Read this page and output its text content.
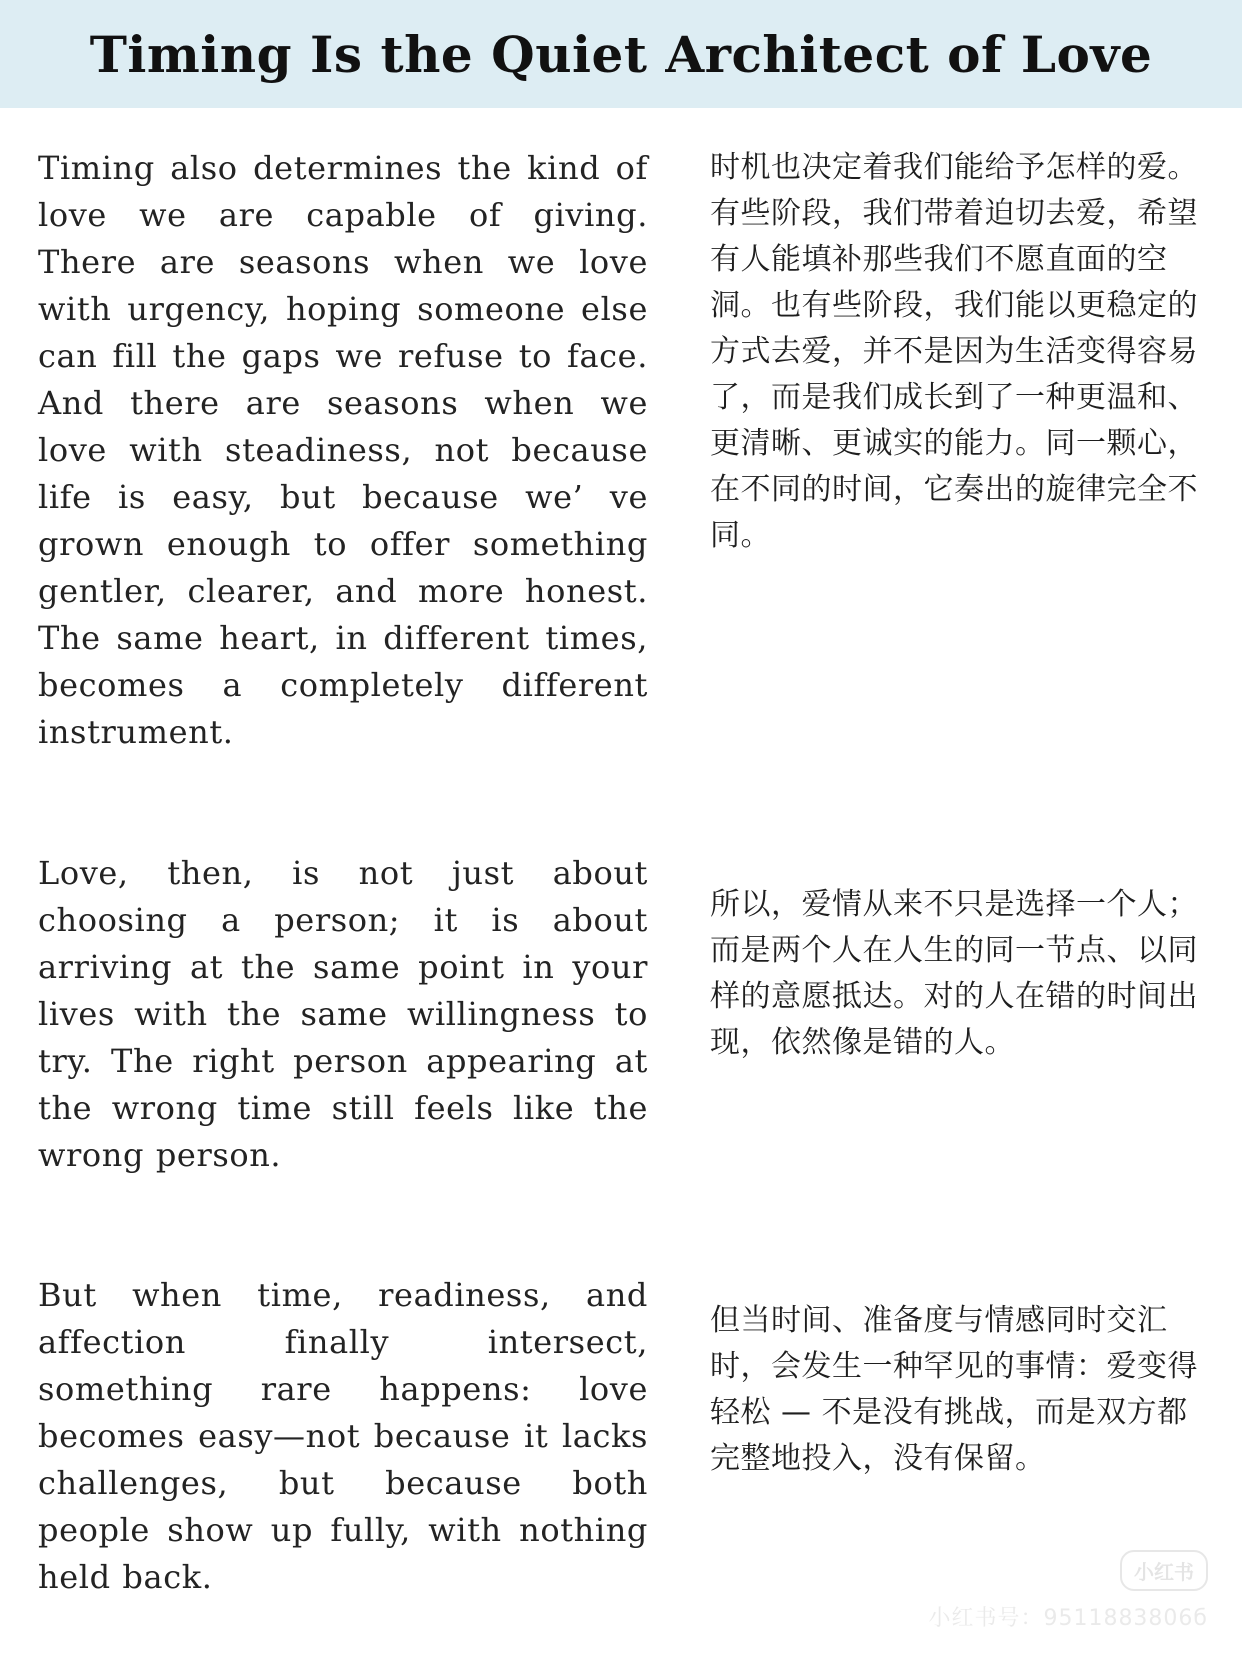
Timing Is the Quiet Architect of Love

Timing also determines the kind of love we are capable of giving. There are seasons when we love with urgency, hoping someone else can fill the gaps we refuse to face. And there are seasons when we love with steadiness, not because life is easy, but because we’ ve grown enough to offer something gentler, clearer, and more honest. The same heart, in different times, becomes a completely different instrument.

时机也决定着我们能给予怎样的爱。有些阶段，我们带着迫切去爱，希望有人能填补那些我们不愿直面的空洞。也有些阶段，我们能以更稳定的方式去爱，并不是因为生活变得容易了，而是我们成长到了一种更温和、更清晰、更诚实的能力。同一颗心，在不同的时间，它奏出的旋律完全不同。

Love, then, is not just about choosing a person; it is about arriving at the same point in your lives with the same willingness to try. The right person appearing at the wrong time still feels like the wrong person.

所以，爱情从来不只是选择一个人；而是两个人在人生的同一节点、以同样的意愿抵达。对的人在错的时间出现，依然像是错的人。

But when time, readiness, and affection finally intersect, something rare happens: love becomes easy—not because it lacks challenges, but because both people show up fully, with nothing held back.

但当时间、准备度与情感同时交汇时，会发生一种罕见的事情：爱变得轻松 — 不是没有挑战，而是双方都完整地投入，没有保留。

小红书
小红书号：9511883806б
